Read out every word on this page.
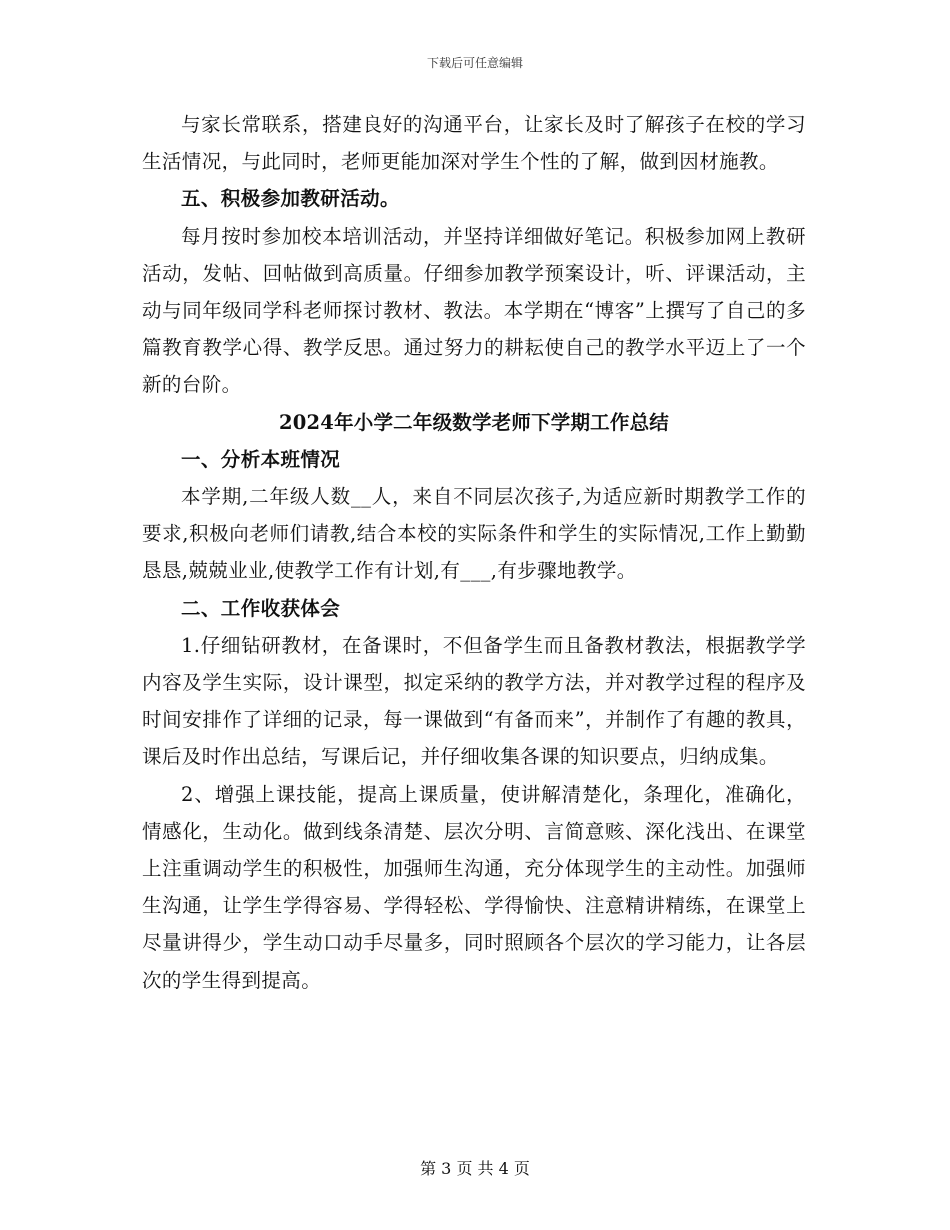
下载后可任意编辑

与家长常联系，搭建良好的沟通平台，让家长及时了解孩子在校的学习生活情况，与此同时，老师更能加深对学生个性的了解，做到因材施教。

五、积极参加教研活动。

每月按时参加校本培训活动，并坚持详细做好笔记。积极参加网上教研活动，发帖、回帖做到高质量。仔细参加教学预案设计，听、评课活动，主动与同年级同学科老师探讨教材、教法。本学期在“博客”上撰写了自己的多篇教育教学心得、教学反思。通过努力的耕耘使自己的教学水平迈上了一个新的台阶。

2024年小学二年级数学老师下学期工作总结

一、分析本班情况

本学期,二年级人数__人，来自不同层次孩子,为适应新时期教学工作的要求,积极向老师们请教,结合本校的实际条件和学生的实际情况,工作上勤勤恳恳,兢兢业业,使教学工作有计划,有___,有步骤地教学。

二、工作收获体会

1.仔细钻研教材，在备课时，不但备学生而且备教材教法，根据教学学内容及学生实际，设计课型，拟定采纳的教学方法，并对教学过程的程序及时间安排作了详细的记录，每一课做到“有备而来”，并制作了有趣的教具，课后及时作出总结，写课后记，并仔细收集各课的知识要点，归纳成集。

2、增强上课技能，提高上课质量，使讲解清楚化，条理化，准确化，情感化，生动化。做到线条清楚、层次分明、言简意赅、深化浅出、在课堂上注重调动学生的积极性，加强师生沟通，充分体现学生的主动性。加强师生沟通，让学生学得容易、学得轻松、学得愉快、注意精讲精练，在课堂上尽量讲得少，学生动口动手尽量多，同时照顾各个层次的学习能力，让各层次的学生得到提高。

第 3 页 共 4 页
